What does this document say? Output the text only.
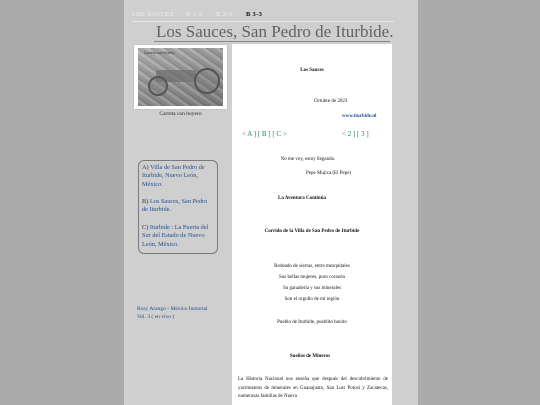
LOS SAUCES B 1-3 B 2-3 B 3-3
Los Sauces, San Pedro de Iturbide.
Carreta con boyero
Carreta con boyero
A) Villa de San Pedro de Iturbide, Nuevo León, México.
B) Los Sauces, San Pedro de Iturbide.
C) Iturbide : La Puerta del Sur del Estado de Nuevo León, México.
Rosy Arango - México Inmortal
Vol. 3 ( en vivo )
Los Sauces
Octubre de 2023
www.iturbide.nl
< A ] [ B ] [ C >	< 2 ] [ 3 ]
No me voy, estoy llegando.
Pepe Mujica (El Pepe)
La Aventura Continúa
Corrido de la Villa de San Pedro de Iturbide
·
Rodeado de sierras, entre mezquitales
Sus bellas mujeres, puro corazón
Su ganadería y sus minerales
Son el orgullo de mi región
·
Pueblo de Iturbide, pueblito bonito
·
Sueños de Mineros
La Historia Nacional nos enseña que después del descubrimiento de yacimientos de minerales en Guanajuato, San Luis Potosí y Zacatecas, numerosas familias de Nueva
